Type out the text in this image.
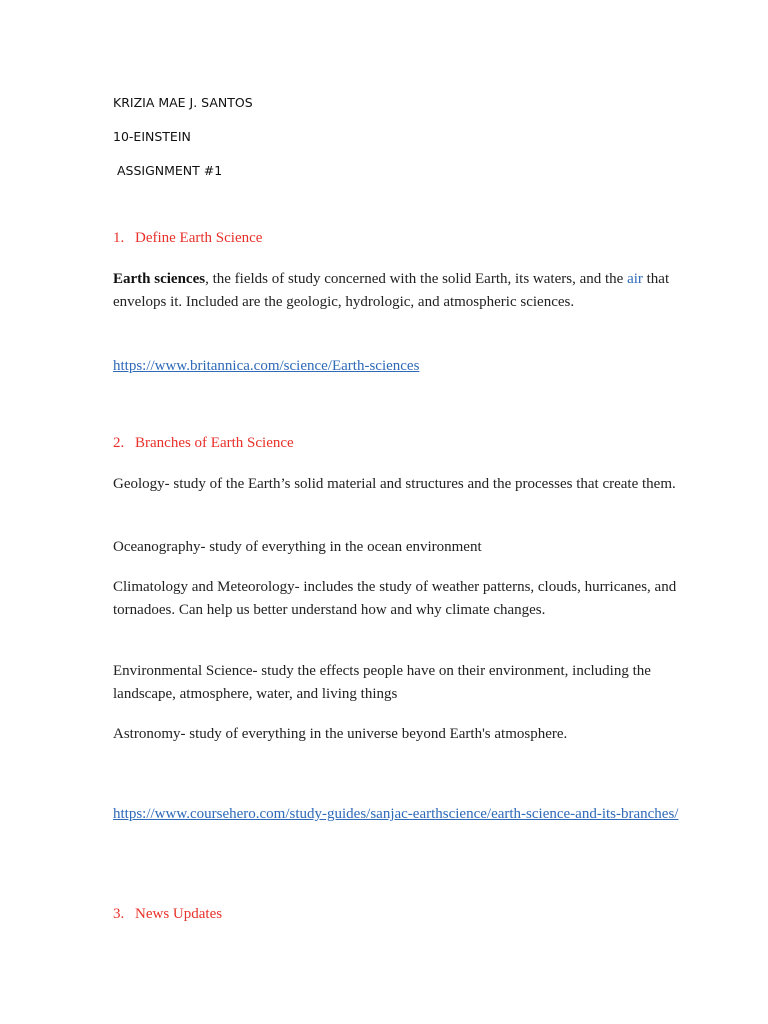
KRIZIA MAE J. SANTOS
10-EINSTEIN
ASSIGNMENT #1
1. Define Earth Science
Earth sciences, the fields of study concerned with the solid Earth, its waters, and the air that envelops it. Included are the geologic, hydrologic, and atmospheric sciences.
https://www.britannica.com/science/Earth-sciences
2. Branches of Earth Science
Geology- study of the Earth’s solid material and structures and the processes that create them.
Oceanography- study of everything in the ocean environment
Climatology and Meteorology- includes the study of weather patterns, clouds, hurricanes, and tornadoes. Can help us better understand how and why climate changes.
Environmental Science- study the effects people have on their environment, including the landscape, atmosphere, water, and living things
Astronomy- study of everything in the universe beyond Earth's atmosphere.
https://www.coursehero.com/study-guides/sanjac-earthscience/earth-science-and-its-branches/
3. News Updates
